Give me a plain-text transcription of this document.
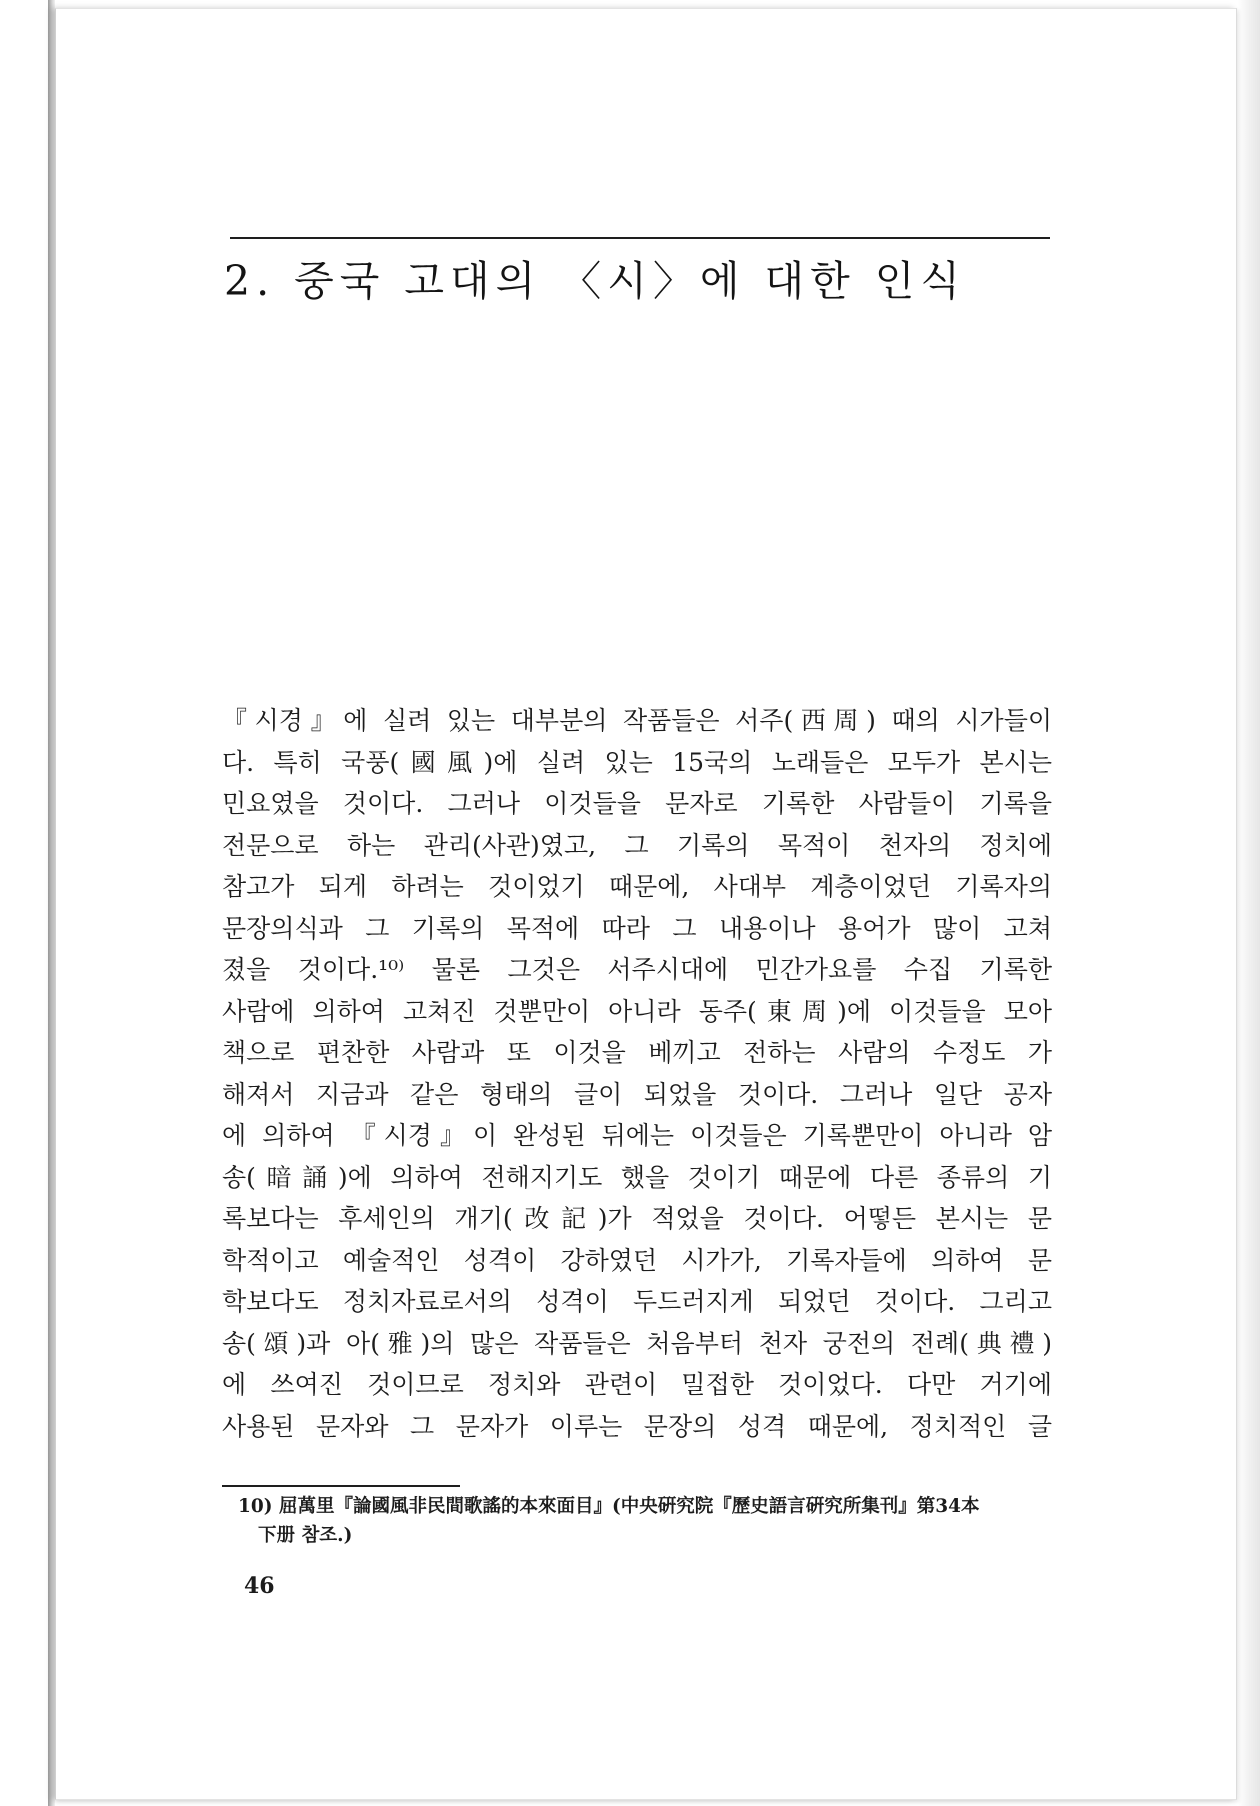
2. 중국 고대의 〈시〉에 대한 인식
『시경』에 실려 있는 대부분의 작품들은 서주(西周) 때의 시가들이
다. 특히 국풍(國風)에 실려 있는 15국의 노래들은 모두가 본시는
민요였을 것이다. 그러나 이것들을 문자로 기록한 사람들이 기록을
전문으로 하는 관리(사관)였고, 그 기록의 목적이 천자의 정치에
참고가 되게 하려는 것이었기 때문에, 사대부 계층이었던 기록자의
문장의식과 그 기록의 목적에 따라 그 내용이나 용어가 많이 고쳐
졌을 것이다.¹⁰⁾ 물론 그것은 서주시대에 민간가요를 수집 기록한
사람에 의하여 고쳐진 것뿐만이 아니라 동주(東周)에 이것들을 모아
책으로 편찬한 사람과 또 이것을 베끼고 전하는 사람의 수정도 가
해져서 지금과 같은 형태의 글이 되었을 것이다. 그러나 일단 공자
에 의하여 『시경』이 완성된 뒤에는 이것들은 기록뿐만이 아니라 암
송(暗誦)에 의하여 전해지기도 했을 것이기 때문에 다른 종류의 기
록보다는 후세인의 개기(改記)가 적었을 것이다. 어떻든 본시는 문
학적이고 예술적인 성격이 강하였던 시가가, 기록자들에 의하여 문
학보다도 정치자료로서의 성격이 두드러지게 되었던 것이다. 그리고
송(頌)과 아(雅)의 많은 작품들은 처음부터 천자 궁전의 전례(典禮)
에 쓰여진 것이므로 정치와 관련이 밀접한 것이었다. 다만 거기에
사용된 문자와 그 문자가 이루는 문장의 성격 때문에, 정치적인 글
10) 屈萬里『論國風非民間歌謠的本來面目』(中央硏究院『歷史語言硏究所集刊』第34本
下册 참조.)
46
